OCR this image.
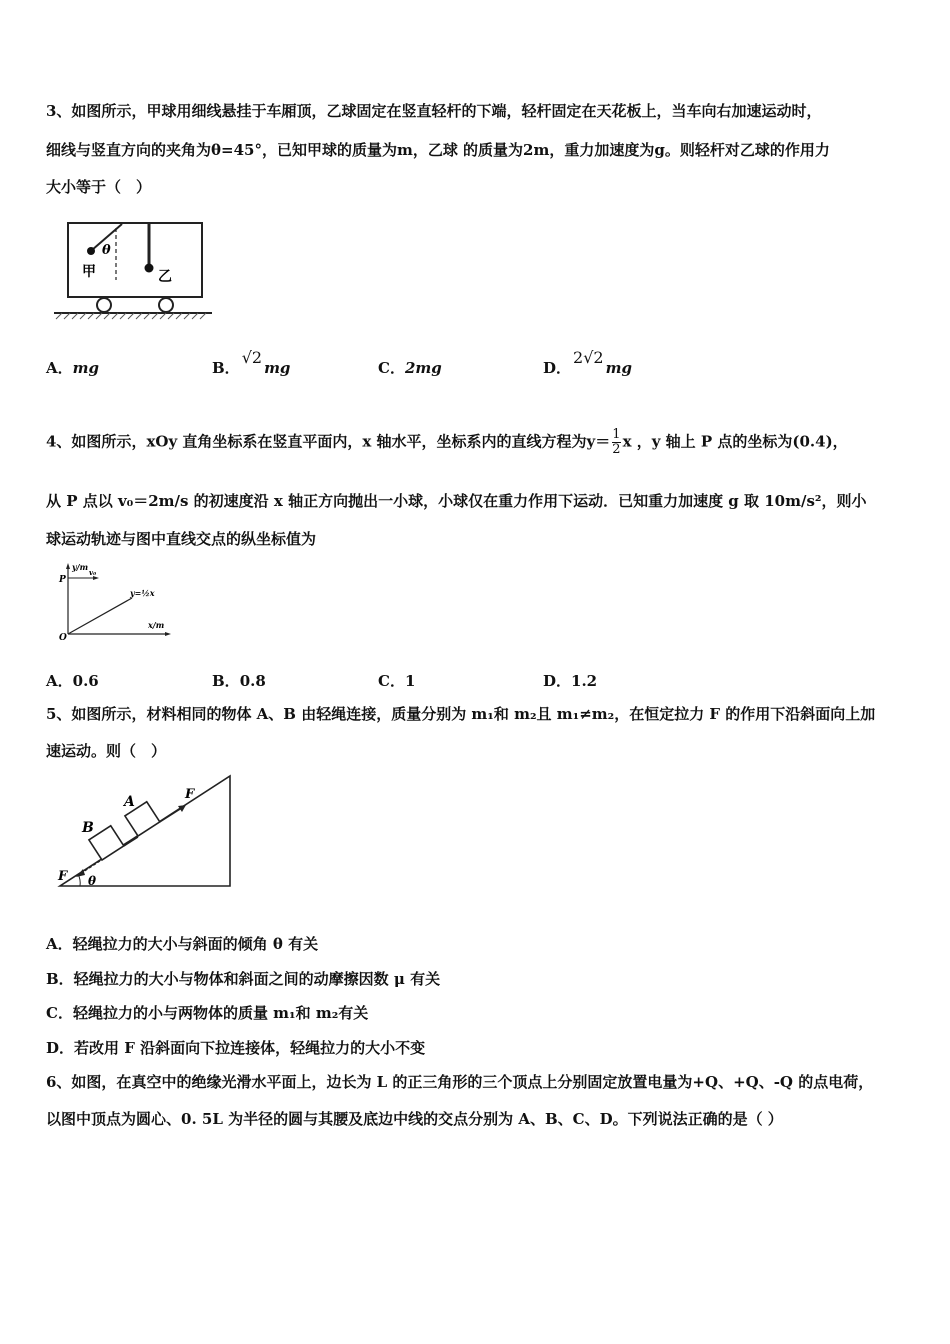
3、如图所示，甲球用细线悬挂于车厢顶，乙球固定在竖直轻杆的下端，轻杆固定在天花板上，当车向右加速运动时，
细线与竖直方向的夹角为θ=45°，已知甲球的质量为m，乙球 的质量为2m，重力加速度为g。则轻杆对乙球的作用力
大小等于（　）
θ
甲	乙
A．mg	B．√2mg	C．2mg	D．2√2mg
4、如图所示，xOy 直角坐标系在竖直平面内，x 轴水平，坐标系内的直线方程为$y= \frac{1}{2}$ x ，y 轴上 P 点的坐标为(0.4)，
从 P 点以 v₀＝2m/s 的初速度沿 x 轴正方向抛出一小球，小球仅在重力作用下运动．已知重力加速度 g 取 10m/s²，则小
球运动轨迹与图中直线交点的纵坐标值为
y/m
x/m
P
O
v₀
y=½x
A．0.6	B．0.8	C．1	D．1.2
5、如图所示，材料相同的物体 A、B 由轻绳连接，质量分别为 m₁和 m₂且 m₁≠m₂，在恒定拉力 F 的作用下沿斜面向上加
速运动。则（　）
A
B
F
F θ
A．轻绳拉力的大小与斜面的倾角 θ 有关
B．轻绳拉力的大小与物体和斜面之间的动摩擦因数 μ 有关
C．轻绳拉力的小与两物体的质量 m₁和 m₂有关
D．若改用 F 沿斜面向下拉连接体，轻绳拉力的大小不变
6、如图，在真空中的绝缘光滑水平面上，边长为 L 的正三角形的三个顶点上分别固定放置电量为+Q、+Q、-Q 的点电荷，
以图中顶点为圆心、0. 5L 为半径的圆与其腰及底边中线的交点分别为 A、B、C、D。下列说法正确的是（ ）
